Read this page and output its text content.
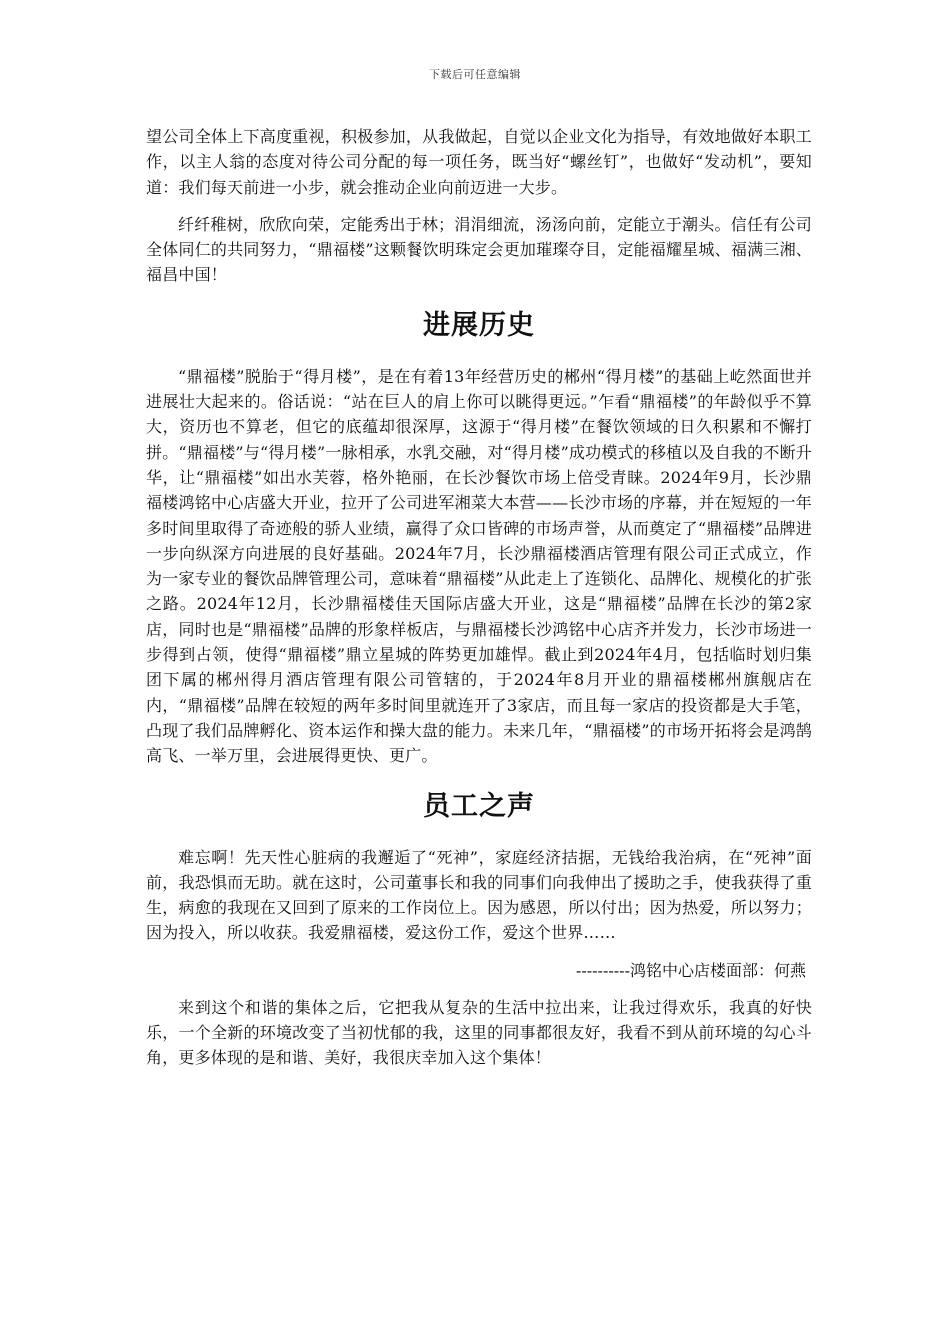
下载后可任意编辑

望公司全体上下高度重视，积极参加，从我做起，自觉以企业文化为指导，有效地做好本职工作，以主人翁的态度对待公司分配的每一项任务，既当好“螺丝钉”，也做好“发动机”，要知道：我们每天前进一小步，就会推动企业向前迈进一大步。

纤纤稚树，欣欣向荣，定能秀出于林；涓涓细流，汤汤向前，定能立于潮头。信任有公司全体同仁的共同努力，“鼎福楼”这颗餐饮明珠定会更加璀璨夺目，定能福耀星城、福满三湘、福昌中国！

进展历史

“鼎福楼”脱胎于“得月楼”，是在有着13年经营历史的郴州“得月楼”的基础上屹然面世并进展壮大起来的。俗话说：“站在巨人的肩上你可以眺得更远。”乍看“鼎福楼”的年龄似乎不算大，资历也不算老，但它的底蕴却很深厚，这源于“得月楼”在餐饮领域的日久积累和不懈打拼。“鼎福楼”与“得月楼”一脉相承，水乳交融，对“得月楼”成功模式的移植以及自我的不断升华，让“鼎福楼”如出水芙蓉，格外艳丽，在长沙餐饮市场上倍受青睐。2024年9月，长沙鼎福楼鸿铭中心店盛大开业，拉开了公司进军湘菜大本营——长沙市场的序幕，并在短短的一年多时间里取得了奇迹般的骄人业绩，赢得了众口皆碑的市场声誉，从而奠定了“鼎福楼”品牌进一步向纵深方向进展的良好基础。2024年7月，长沙鼎福楼酒店管理有限公司正式成立，作为一家专业的餐饮品牌管理公司，意味着“鼎福楼”从此走上了连锁化、品牌化、规模化的扩张之路。2024年12月，长沙鼎福楼佳天国际店盛大开业，这是“鼎福楼”品牌在长沙的第2家店，同时也是“鼎福楼”品牌的形象样板店，与鼎福楼长沙鸿铭中心店齐并发力，长沙市场进一步得到占领，使得“鼎福楼”鼎立星城的阵势更加雄悍。截止到2024年4月，包括临时划归集团下属的郴州得月酒店管理有限公司管辖的，于2024年8月开业的鼎福楼郴州旗舰店在内，“鼎福楼”品牌在较短的两年多时间里就连开了3家店，而且每一家店的投资都是大手笔，凸现了我们品牌孵化、资本运作和操大盘的能力。未来几年，“鼎福楼”的市场开拓将会是鸿鹄高飞、一举万里，会进展得更快、更广。

员工之声

难忘啊！先天性心脏病的我邂逅了“死神”，家庭经济拮据，无钱给我治病，在“死神”面前，我恐惧而无助。就在这时，公司董事长和我的同事们向我伸出了援助之手，使我获得了重生，病愈的我现在又回到了原来的工作岗位上。因为感恩，所以付出；因为热爱，所以努力；因为投入，所以收获。我爱鼎福楼，爱这份工作，爱这个世界……

----------鸿铭中心店楼面部：何燕

来到这个和谐的集体之后，它把我从复杂的生活中拉出来，让我过得欢乐，我真的好快乐，一个全新的环境改变了当初忧郁的我，这里的同事都很友好，我看不到从前环境的勾心斗角，更多体现的是和谐、美好，我很庆幸加入这个集体！
